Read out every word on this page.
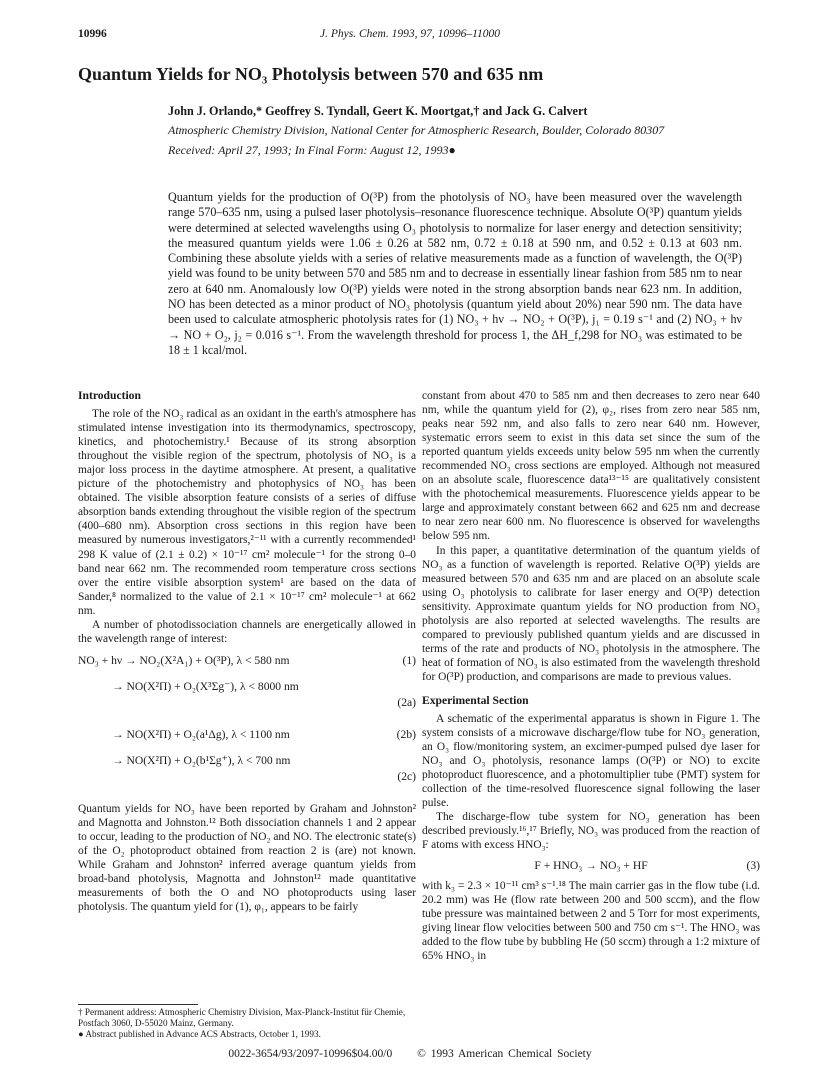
10996	J. Phys. Chem. 1993, 97, 10996–11000
Quantum Yields for NO₃ Photolysis between 570 and 635 nm
John J. Orlando,* Geoffrey S. Tyndall, Geert K. Moortgat,† and Jack G. Calvert
Atmospheric Chemistry Division, National Center for Atmospheric Research, Boulder, Colorado 80307
Received: April 27, 1993; In Final Form: August 12, 1993●
Quantum yields for the production of O(³P) from the photolysis of NO₃ have been measured over the wavelength range 570–635 nm, using a pulsed laser photolysis–resonance fluorescence technique. Absolute O(³P) quantum yields were determined at selected wavelengths using O₃ photolysis to normalize for laser energy and detection sensitivity; the measured quantum yields were 1.06 ± 0.26 at 582 nm, 0.72 ± 0.18 at 590 nm, and 0.52 ± 0.13 at 603 nm. Combining these absolute yields with a series of relative measurements made as a function of wavelength, the O(³P) yield was found to be unity between 570 and 585 nm and to decrease in essentially linear fashion from 585 nm to near zero at 640 nm. Anomalously low O(³P) yields were noted in the strong absorption bands near 623 nm. In addition, NO has been detected as a minor product of NO₃ photolysis (quantum yield about 20%) near 590 nm. The data have been used to calculate atmospheric photolysis rates for (1) NO₃ + hν → NO₂ + O(³P), j₁ = 0.19 s⁻¹ and (2) NO₃ + hν → NO + O₂, j₂ = 0.016 s⁻¹. From the wavelength threshold for process 1, the ΔH_f,298 for NO₃ was estimated to be 18 ± 1 kcal/mol.

Introduction

The role of the NO₃ radical as an oxidant in the earth's atmosphere has stimulated intense investigation into its thermodynamics, spectroscopy, kinetics, and photochemistry.¹ Because of its strong absorption throughout the visible region of the spectrum, photolysis of NO₃ is a major loss process in the daytime atmosphere. At present, a qualitative picture of the photochemistry and photophysics of NO₃ has been obtained. The visible absorption feature consists of a series of diffuse absorption bands extending throughout the visible region of the spectrum (400–680 nm). Absorption cross sections in this region have been measured by numerous investigators,²⁻¹¹ with a currently recommended¹ 298 K value of (2.1 ± 0.2) × 10⁻¹⁷ cm² molecule⁻¹ for the strong 0–0 band near 662 nm. The recommended room temperature cross sections over the entire visible absorption system¹ are based on the data of Sander,⁸ normalized to the value of 2.1 × 10⁻¹⁷ cm² molecule⁻¹ at 662 nm.

A number of photodissociation channels are energetically allowed in the wavelength range of interest:

NO₃ + hν → NO₂(X²A₁) + O(³P), λ < 580 nm	(1)
→ NO(X²Π) + O₂(X³Σg⁻), λ < 8000 nm
(2a)
→ NO(X²Π) + O₂(a¹Δg), λ < 1100 nm	(2b)
→ NO(X²Π) + O₂(b¹Σg⁺), λ < 700 nm
(2c)

Quantum yields for NO₃ have been reported by Graham and Johnston² and Magnotta and Johnston.¹² Both dissociation channels 1 and 2 appear to occur, leading to the production of NO₂ and NO. The electronic state(s) of the O₂ photoproduct obtained from reaction 2 is (are) not known. While Graham and Johnston² inferred average quantum yields from broad-band photolysis, Magnotta and Johnston¹² made quantitative measurements of both the O and NO photoproducts using laser photolysis. The quantum yield for (1), φ₁, appears to be fairly

constant from about 470 to 585 nm and then decreases to zero near 640 nm, while the quantum yield for (2), φ₂, rises from zero near 585 nm, peaks near 592 nm, and also falls to zero near 640 nm. However, systematic errors seem to exist in this data set since the sum of the reported quantum yields exceeds unity below 595 nm when the currently recommended NO₃ cross sections are employed. Although not measured on an absolute scale, fluorescence data¹³⁻¹⁵ are qualitatively consistent with the photochemical measurements. Fluorescence yields appear to be large and approximately constant between 662 and 625 nm and decrease to near zero near 600 nm. No fluorescence is observed for wavelengths below 595 nm.

In this paper, a quantitative determination of the quantum yields of NO₃ as a function of wavelength is reported. Relative O(³P) yields are measured between 570 and 635 nm and are placed on an absolute scale using O₃ photolysis to calibrate for laser energy and O(³P) detection sensitivity. Approximate quantum yields for NO production from NO₃ photolysis are also reported at selected wavelengths. The results are compared to previously published quantum yields and are discussed in terms of the rate and products of NO₃ photolysis in the atmosphere. The heat of formation of NO₃ is also estimated from the wavelength threshold for O(³P) production, and comparisons are made to previous values.

Experimental Section

A schematic of the experimental apparatus is shown in Figure 1. The system consists of a microwave discharge/flow tube for NO₃ generation, an O₃ flow/monitoring system, an excimer-pumped pulsed dye laser for NO₃ and O₃ photolysis, resonance lamps (O(³P) or NO) to excite photoproduct fluorescence, and a photomultiplier tube (PMT) system for collection of the time-resolved fluorescence signal following the laser pulse.

The discharge-flow tube system for NO₃ generation has been described previously.¹⁶,¹⁷ Briefly, NO₃ was produced from the reaction of F atoms with excess HNO₃:

F + HNO₃ → NO₃ + HF	(3)

with k₃ = 2.3 × 10⁻¹¹ cm³ s⁻¹.¹⁸ The main carrier gas in the flow tube (i.d. 20.2 mm) was He (flow rate between 200 and 500 sccm), and the flow tube pressure was maintained between 2 and 5 Torr for most experiments, giving linear flow velocities between 500 and 750 cm s⁻¹. The HNO₃ was added to the flow tube by bubbling He (50 sccm) through a 1:2 mixture of 65% HNO₃ in

† Permanent address: Atmospheric Chemistry Division, Max-Planck-Institut für Chemie, Postfach 3060, D-55020 Mainz, Germany.
● Abstract published in Advance ACS Abstracts, October 1, 1993.
0022-3654/93/2097-10996$04.00/0 © 1993 American Chemical Society
